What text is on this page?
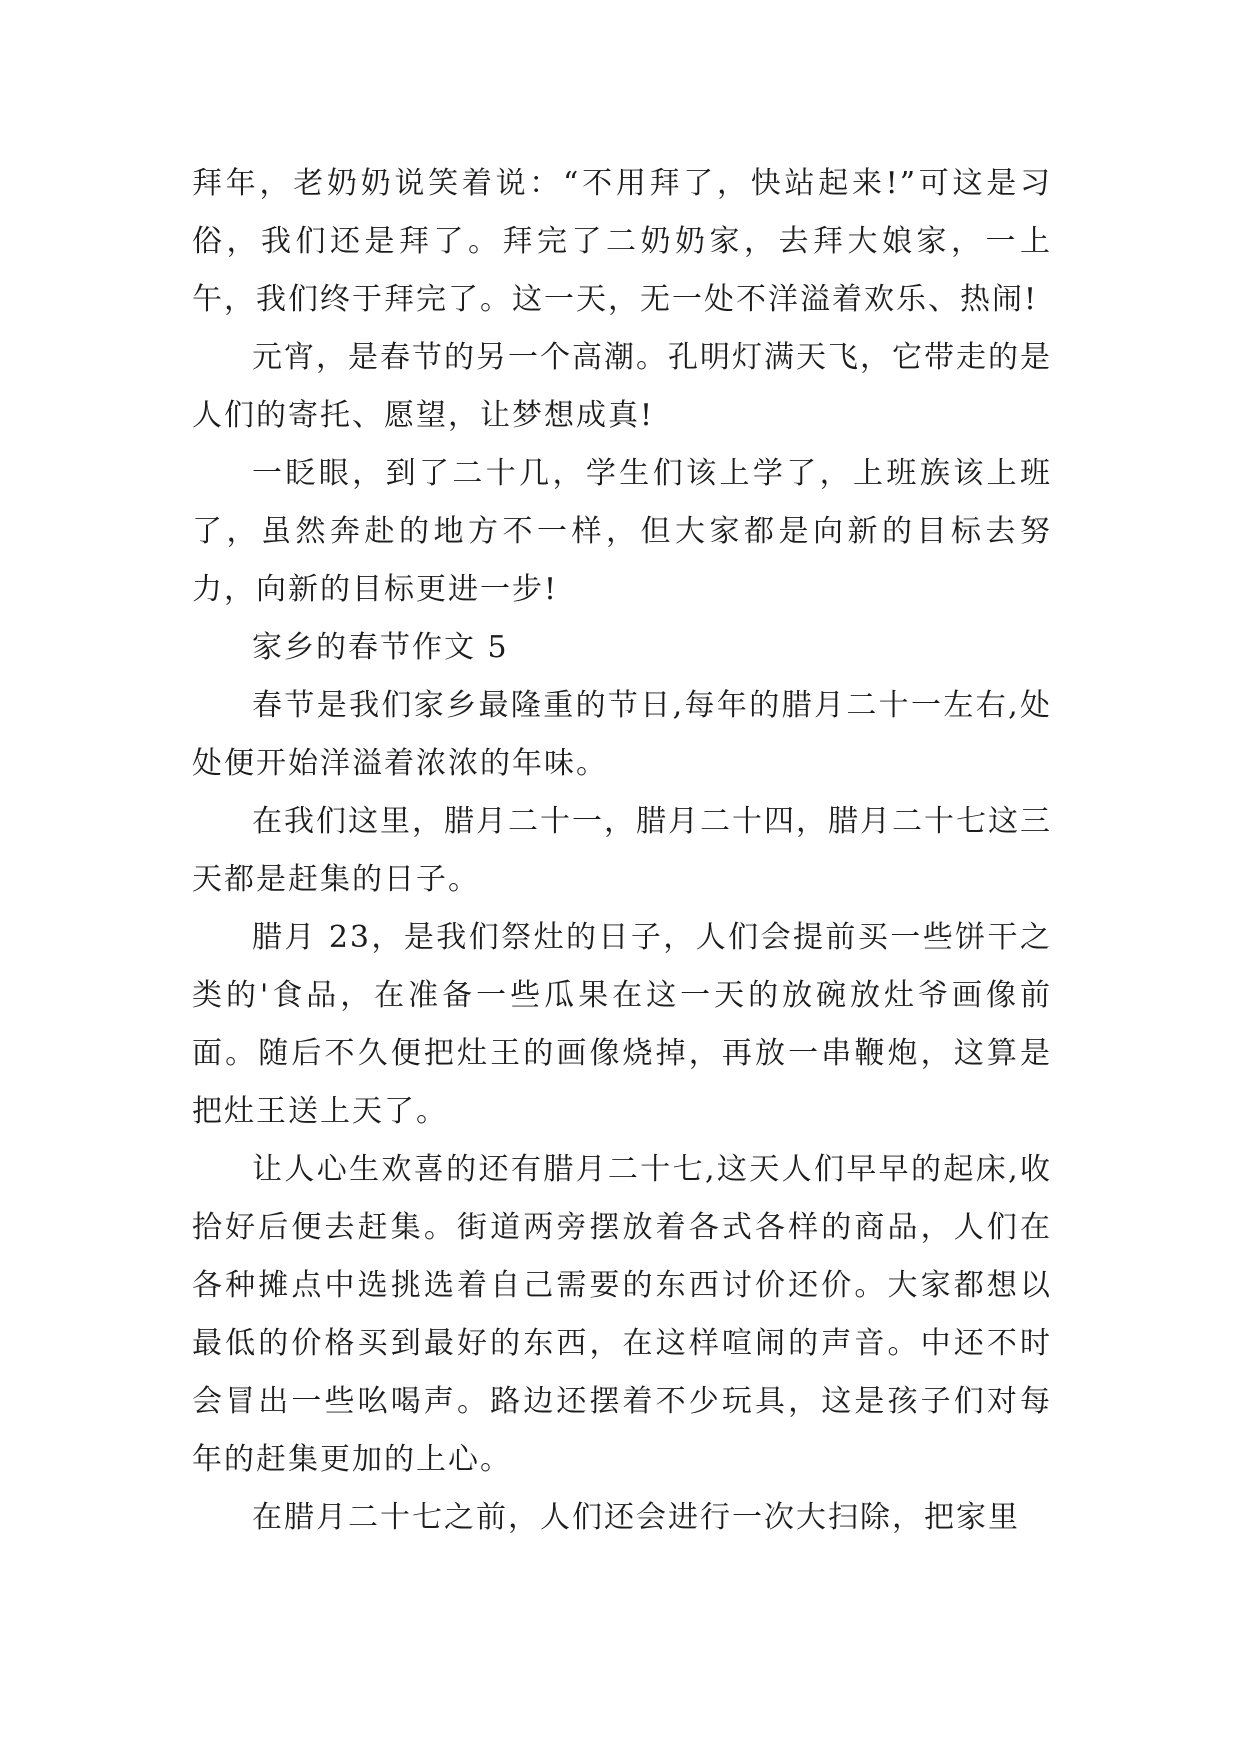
拜年，老奶奶说笑着说：“不用拜了，快站起来!”可这是习俗，我们还是拜了。拜完了二奶奶家，去拜大娘家，一上午，我们终于拜完了。这一天，无一处不洋溢着欢乐、热闹!

元宵，是春节的另一个高潮。孔明灯满天飞，它带走的是人们的寄托、愿望，让梦想成真!

一眨眼，到了二十几，学生们该上学了，上班族该上班了，虽然奔赴的地方不一样，但大家都是向新的目标去努力，向新的目标更进一步!

家乡的春节作文 5

春节是我们家乡最隆重的节日,每年的腊月二十一左右,处处便开始洋溢着浓浓的年味。

在我们这里，腊月二十一，腊月二十四，腊月二十七这三天都是赶集的日子。

腊月 23，是我们祭灶的日子，人们会提前买一些饼干之类的'食品，在准备一些瓜果在这一天的放碗放灶爷画像前面。随后不久便把灶王的画像烧掉，再放一串鞭炮，这算是把灶王送上天了。

让人心生欢喜的还有腊月二十七,这天人们早早的起床,收拾好后便去赶集。街道两旁摆放着各式各样的商品，人们在各种摊点中选挑选着自己需要的东西讨价还价。大家都想以最低的价格买到最好的东西，在这样喧闹的声音。中还不时会冒出一些吆喝声。路边还摆着不少玩具，这是孩子们对每年的赶集更加的上心。

在腊月二十七之前，人们还会进行一次大扫除，把家里
